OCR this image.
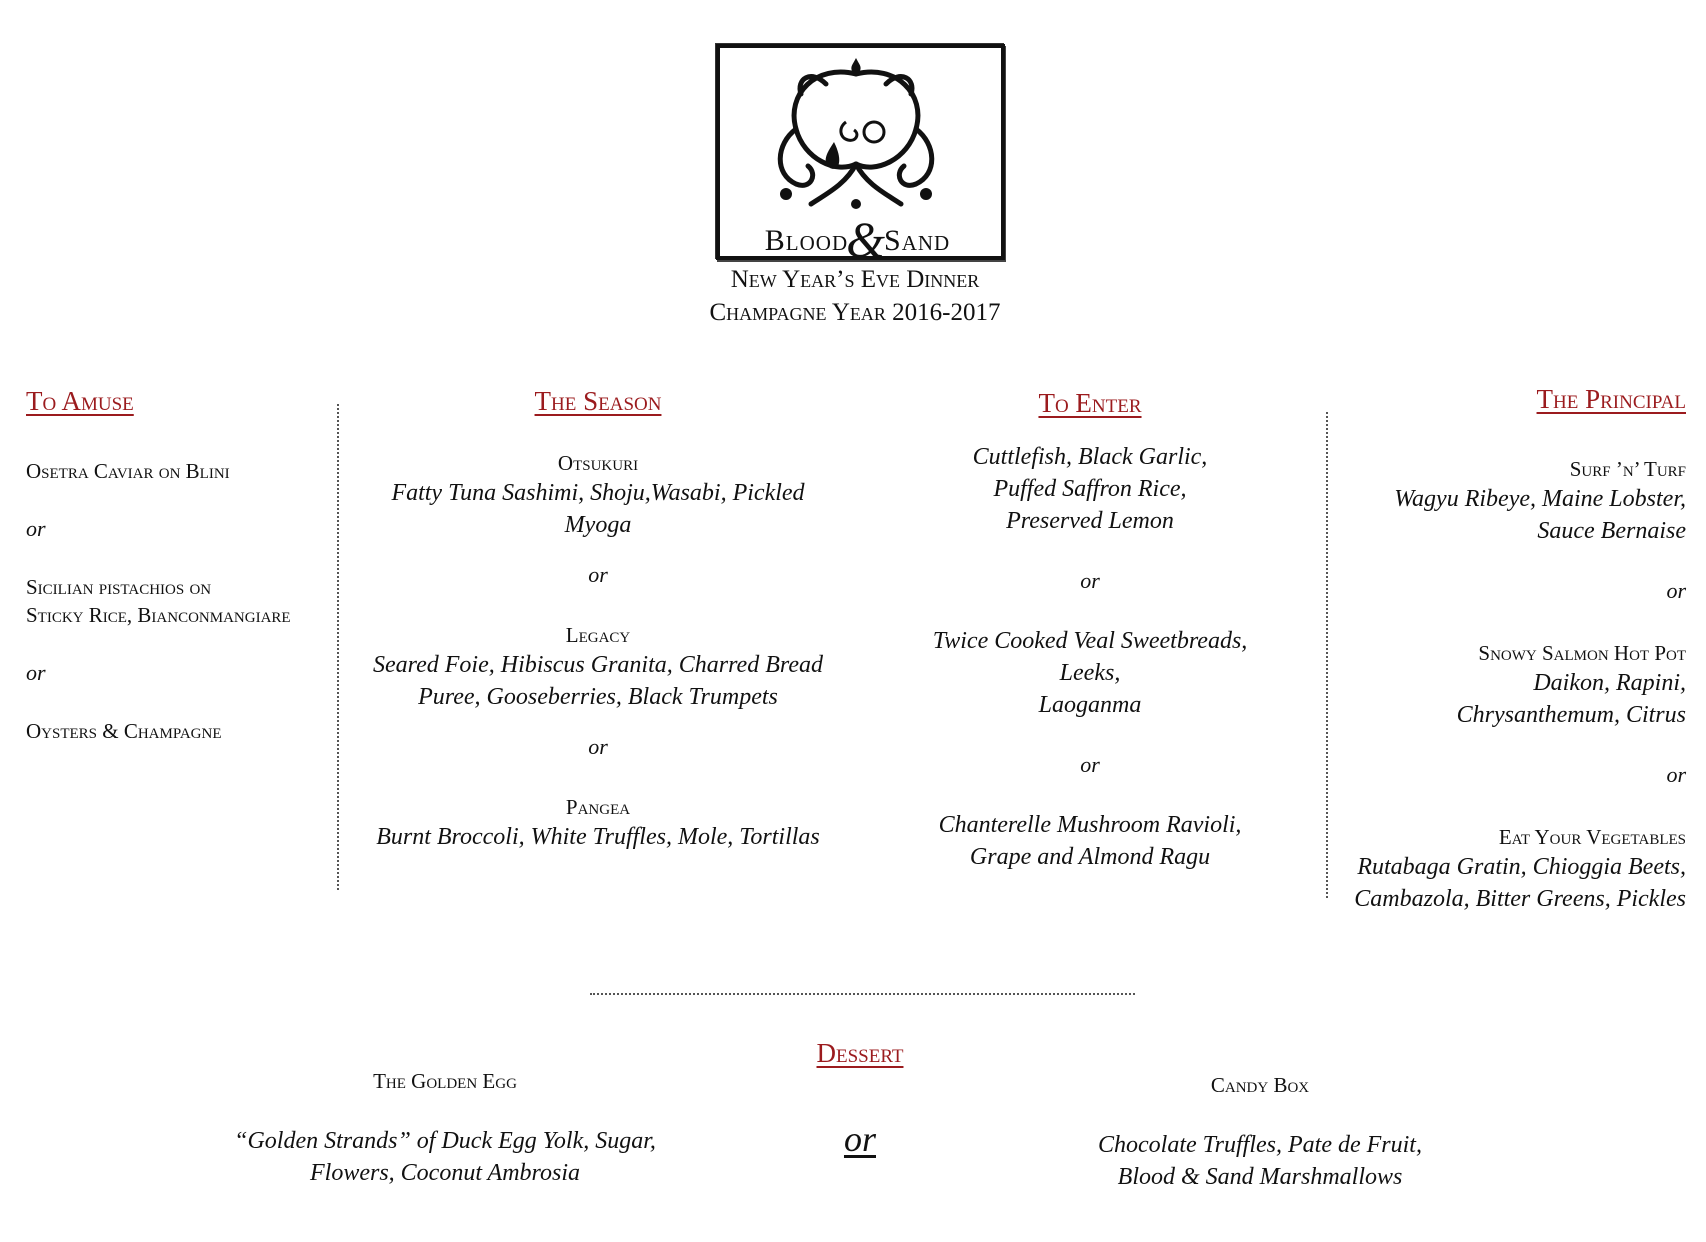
Blood&Sand
New Year’s Eve Dinner
Champagne Year 2016-2017
To Amuse
Osetra Caviar on Blini
or
Sicilian pistachios on
Sticky Rice, Bianconmangiare
or
Oysters & Champagne
The Season
Otsukuri
Fatty Tuna Sashimi, Shoju,Wasabi, Pickled Myoga
or
Legacy
Seared Foie, Hibiscus Granita, Charred Bread Puree, Gooseberries, Black Trumpets
or
Pangea
Burnt Broccoli, White Truffles, Mole, Tortillas
To Enter
Cuttlefish, Black Garlic,
Puffed Saffron Rice,
Preserved Lemon
or
Twice Cooked Veal Sweetbreads,
Leeks,
Laoganma
or
Chanterelle Mushroom Ravioli,
Grape and Almond Ragu
The Principal
Surf ’n’ Turf
Wagyu Ribeye, Maine Lobster,
Sauce Bernaise
or
Snowy Salmon Hot Pot
Daikon, Rapini,
Chrysanthemum, Citrus
or
Eat Your Vegetables
Rutabaga Gratin, Chioggia Beets,
Cambazola, Bitter Greens, Pickles
Dessert
The Golden Egg
“Golden Strands” of Duck Egg Yolk, Sugar,
Flowers, Coconut Ambrosia
or
Candy Box
Chocolate Truffles, Pate de Fruit,
Blood & Sand Marshmallows
